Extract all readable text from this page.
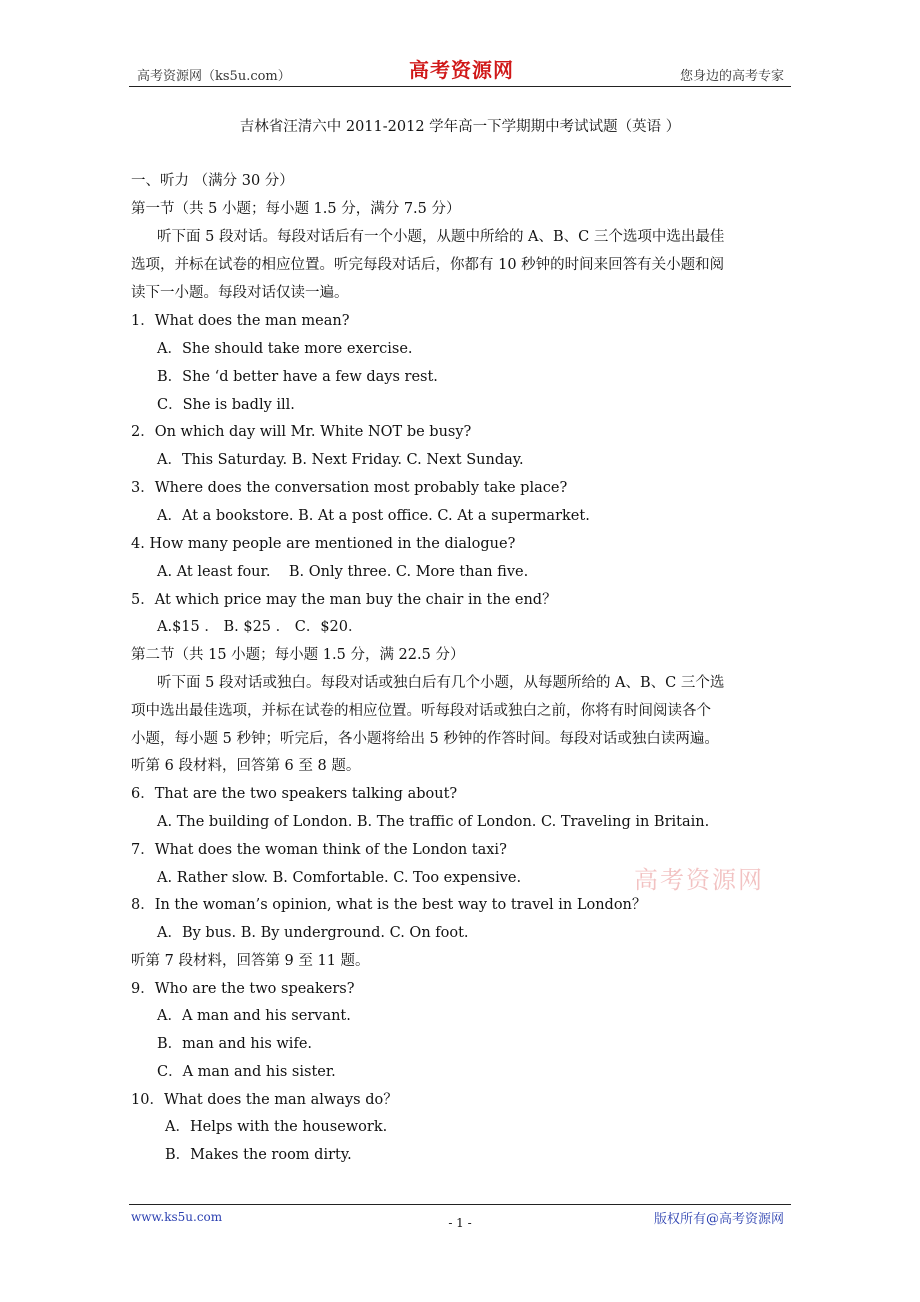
高考资源网（ks5u.com）	高考资源网	您身边的高考专家
吉林省汪清六中 2011-2012 学年高一下学期期中考试试题（英语 ）
一、听力 （满分 30 分）
第一节（共 5 小题；每小题 1.5 分，满分 7.5 分）
听下面 5 段对话。每段对话后有一个小题，从题中所给的 A、B、C 三个选项中选出最佳
选项，并标在试卷的相应位置。听完每段对话后，你都有 10 秒钟的时间来回答有关小题和阅
读下一小题。每段对话仅读一遍。
1．What does the man mean?
A．She should take more exercise.
B．She ‘d better have a few days rest.
C．She is badly ill.
2．On which day will Mr. White NOT be busy?
A．This Saturday. B. Next Friday. C. Next Sunday.
3．Where does the conversation most probably take place?
A．At a bookstore. B. At a post office. C. At a supermarket.
4. How many people are mentioned in the dialogue?
A. At least four.    B. Only three. C. More than five.
5．At which price may the man buy the chair in the end？
A.$15 ． B. $25 ． C．$20．
第二节（共 15 小题；每小题 1.5 分，满 22.5 分）
听下面 5 段对话或独白。每段对话或独白后有几个小题，从每题所给的 A、B、C 三个选
项中选出最佳选项，并标在试卷的相应位置。听每段对话或独白之前，你将有时间阅读各个
小题，每小题 5 秒钟；听完后，各小题将给出 5 秒钟的作答时间。每段对话或独白读两遍。
听第 6 段材料，回答第 6 至 8 题。
6．That are the two speakers talking about?
A. The building of London. B. The traffic of London. C. Traveling in Britain.
7．What does the woman think of the London taxi?
A. Rather slow. B. Comfortable. C. Too expensive.
8．In the woman’s opinion, what is the best way to travel in London？
A．By bus. B. By underground. C. On foot.
听第 7 段材料，回答第 9 至 11 题。
9．Who are the two speakers?
A．A man and his servant.
B．man and his wife.
C．A man and his sister.
10．What does the man always do？
A．Helps with the housework.
B．Makes the room dirty.
高考资源网
www.ks5u.com	- 1 -	版权所有@高考资源网
